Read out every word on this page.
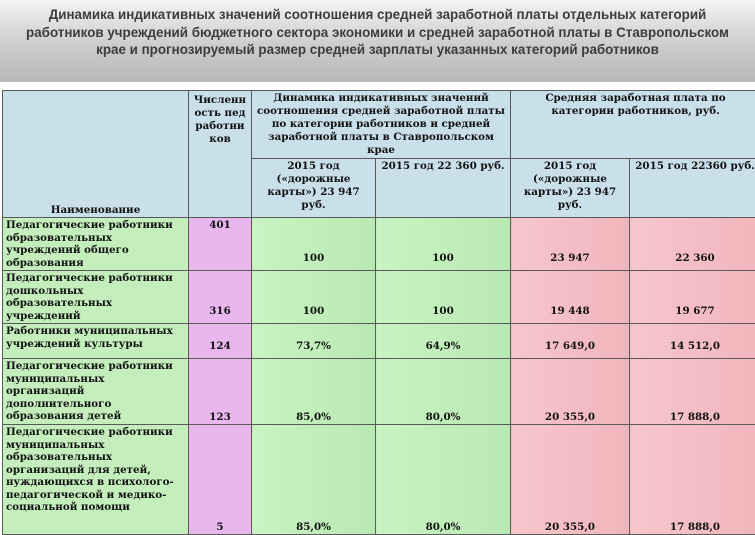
Динамика индикативных значений соотношения средней заработной платы отдельных категорий
работников учреждений бюджетного сектора экономики и средней заработной платы в Ставропольском
крае и прогнозируемый размер средней зарплаты указанных категорий работников
Наименование	Численность педработников	Динамика индикативных значений соотношения средней заработной платы по категории работников и средней заработной платы в Ставропольском крае		Средняя заработная плата по категории работников, руб.	
		2015 год («дорожные карты») 23 947 руб.	2015 год 22 360 руб.	2015 год («дорожные карты») 23 947 руб.	2015 год 22360 руб.
Педагогические работники образовательных учреждений общего образования	401	100	100	23 947	22 360
Педагогические работники дошкольных образовательных учреждений	316	100	100	19 448	19 677
Работники муниципальных учреждений культуры	124	73,7%	64,9%	17 649,0	14 512,0
Педагогические работники муниципальных организаций дополнительного образования детей	123	85,0%	80,0%	20 355,0	17 888,0
Педагогические работники муниципальных образовательных организаций для детей, нуждающихся в психолого-педагогической и медико-социальной помощи	5	85,0%	80,0%	20 355,0	17 888,0
